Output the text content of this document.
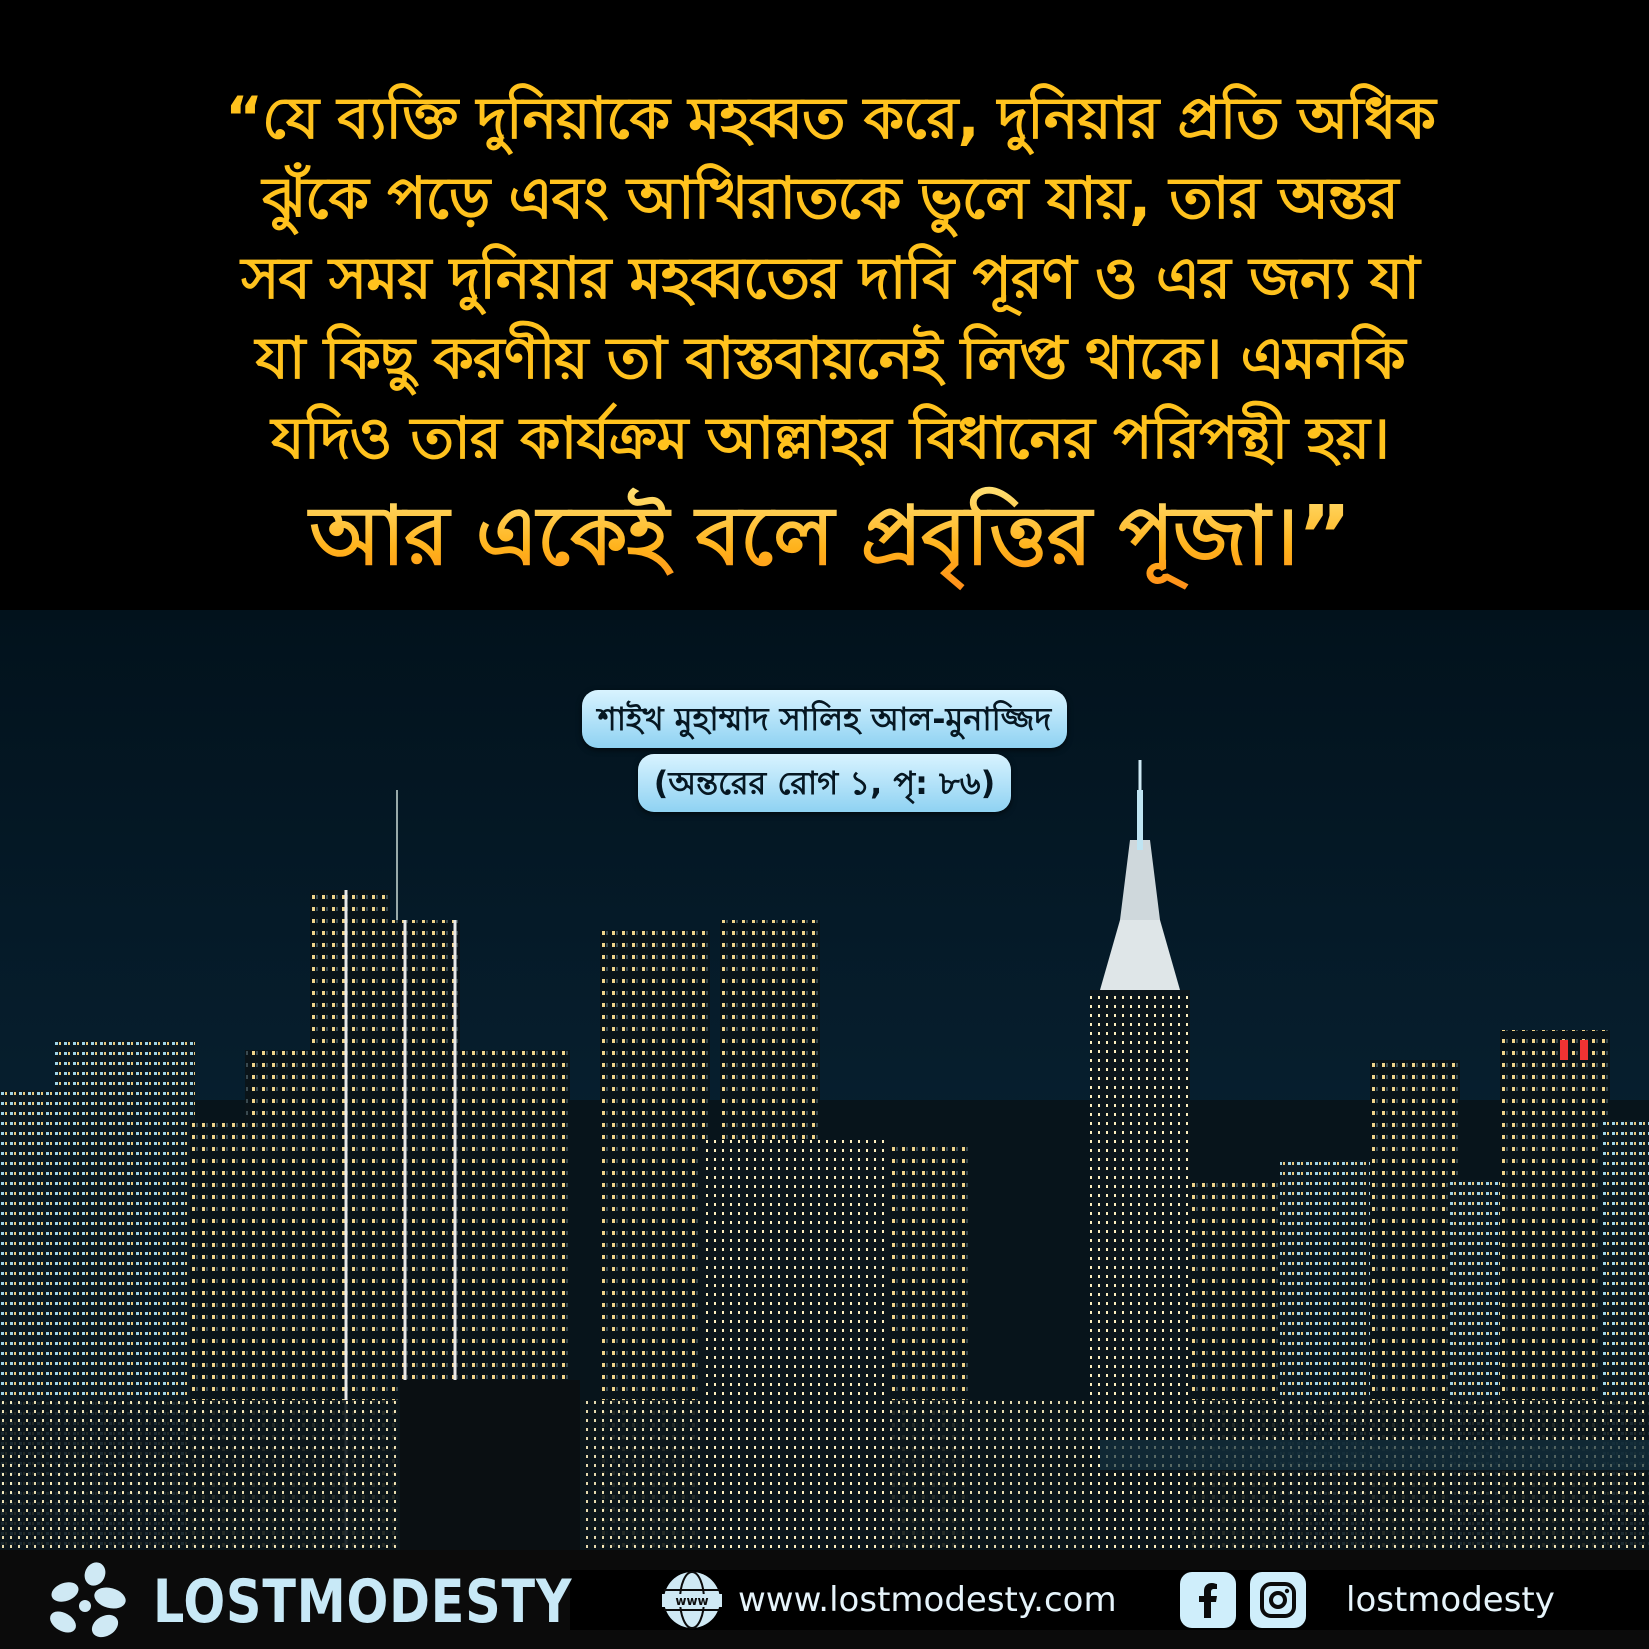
“যে ব্যক্তি দুনিয়াকে মহব্বত করে, দুনিয়ার প্রতি অধিক
ঝুঁকে পড়ে এবং আখিরাতকে ভুলে যায়, তার অন্তর
সব সময় দুনিয়ার মহব্বতের দাবি পূরণ ও এর জন্য যা
যা কিছু করণীয় তা বাস্তবায়নেই লিপ্ত থাকে। এমনকি
যদিও তার কার্যক্রম আল্লাহর বিধানের পরিপন্থী হয়।
আর একেই বলে প্রবৃত্তির পূজা।”
শাইখ মুহাম্মাদ সালিহ আল-মুনাজ্জিদ
(অন্তরের রোগ ১, পৃ: ৮৬)
LOSTMODESTY	www www.lostmodesty.com	lostmodesty
